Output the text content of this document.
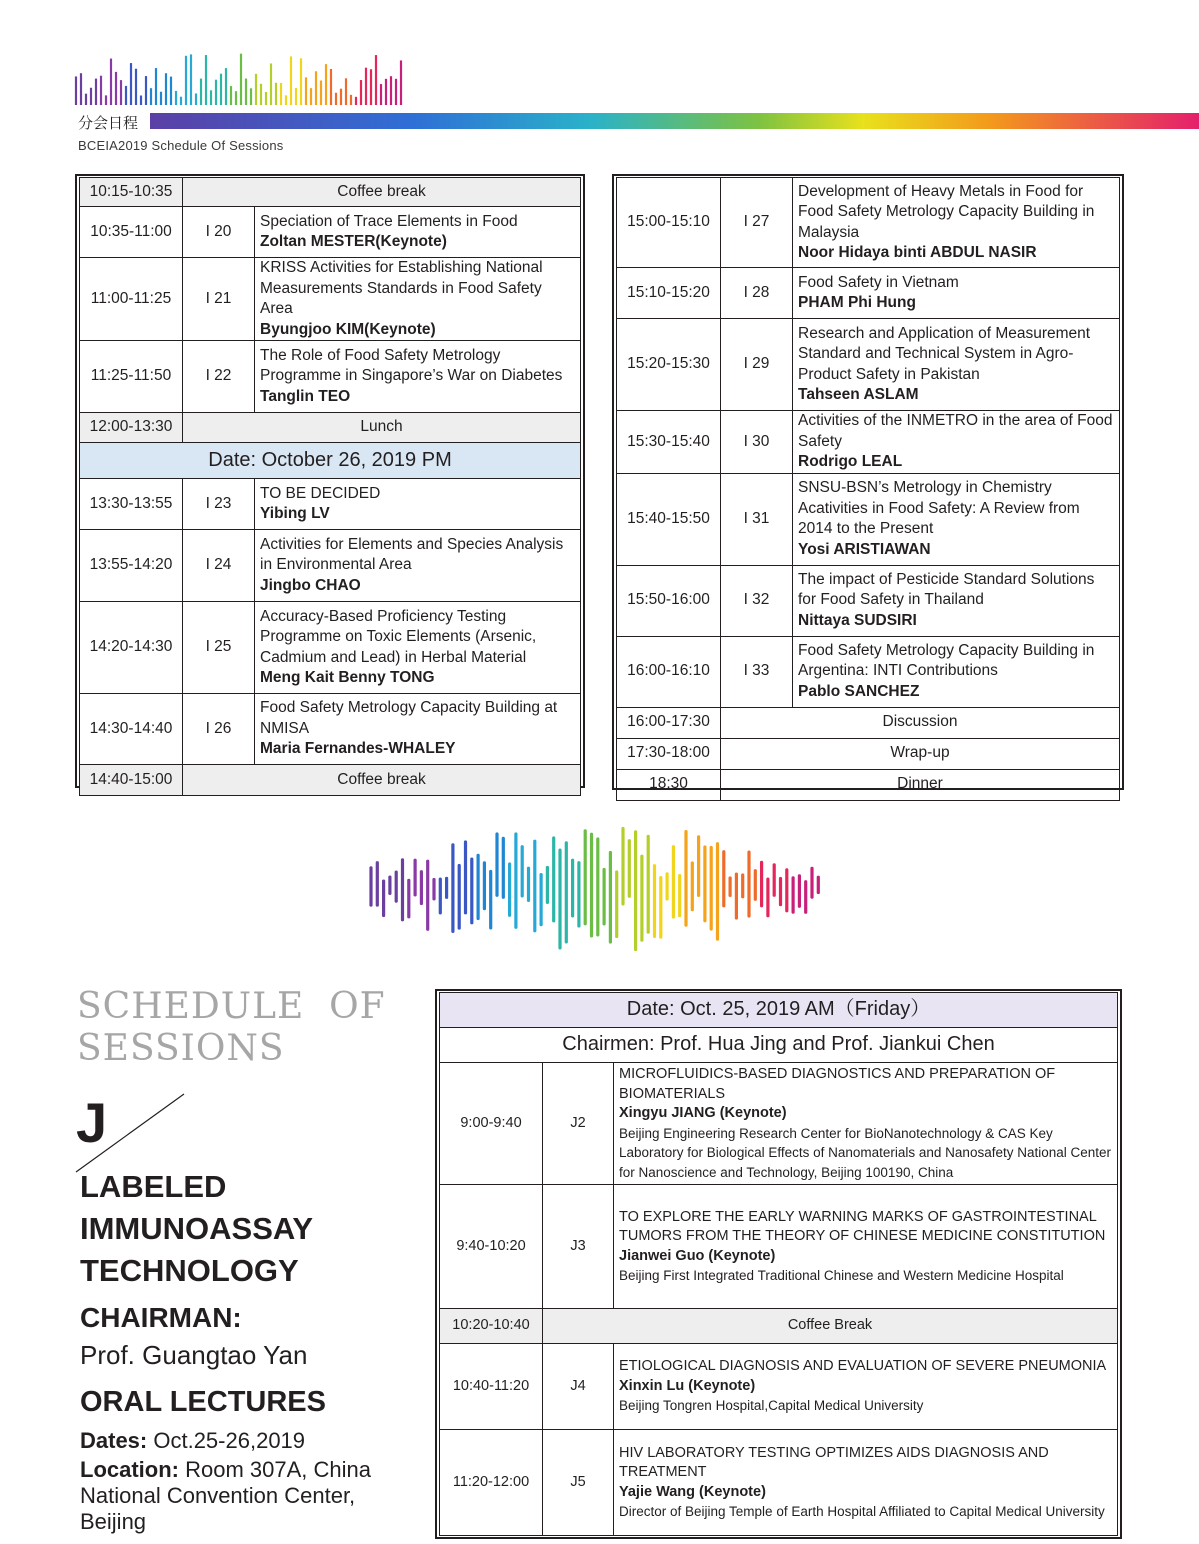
分会日程
BCEIA2019 Schedule Of Sessions
10:15-10:35	Coffee break	
10:35-11:00	I 20	Speciation of Trace Elements in Food
Zoltan MESTER(Keynote)

11:00-11:25	I 21	KRISS Activities for Establishing National Measurements Standards in Food Safety Area
Byungjoo KIM(Keynote)

11:25-11:50	I 22	The Role of Food Safety Metrology Programme in Singapore’s War on Diabetes
Tanglin TEO

12:00-13:30	Lunch	
Date: October 26, 2019 PM		
13:30-13:55	I 23	TO BE DECIDED
Yibing LV

13:55-14:20	I 24	Activities for Elements and Species Analysis in Environmental Area
Jingbo CHAO

14:20-14:30	I 25	Accuracy-Based Proficiency Testing Programme on Toxic Elements (Arsenic, Cadmium and Lead) in Herbal Material
Meng Kait Benny TONG

14:30-14:40	I 26	Food Safety Metrology Capacity Building at NMISA
Maria Fernandes-WHALEY

14:40-15:00	Coffee break	
15:00-15:10	I 27	Development of Heavy Metals in Food for Food Safety Metrology Capacity Building in Malaysia
Noor Hidaya binti ABDUL NASIR

15:10-15:20	I 28	Food Safety in Vietnam
PHAM Phi Hung

15:20-15:30	I 29	Research and Application of Measurement Standard and Technical System in Agro-Product Safety in Pakistan
Tahseen ASLAM

15:30-15:40	I 30	Activities of the INMETRO in the area of Food Safety
Rodrigo LEAL

15:40-15:50	I 31	SNSU-BSN’s Metrology in Chemistry Acativities in Food Safety: A Review from 2014 to the Present
Yosi ARISTIAWAN

15:50-16:00	I 32	The impact of Pesticide Standard Solutions for Food Safety in Thailand
Nittaya SUDSIRI

16:00-16:10	I 33	Food Safety Metrology Capacity Building in Argentina: INTI Contributions
Pablo SANCHEZ

16:00-17:30	Discussion	
17:30-18:00	Wrap-up	
18:30	Dinner	
SCHEDULE  OF
SESSIONS
J
LABELED
IMMUNOASSAY
TECHNOLOGY
CHAIRMAN:
Prof. Guangtao Yan
ORAL LECTURES
Dates: Oct.25-26,2019
Location: Room 307A, China National Convention Center, Beijing
Date: Oct. 25, 2019 AM（Friday）		
Chairmen: Prof. Hua Jing and Prof. Jiankui Chen		
9:00-9:40	J2	MICROFLUIDICS-BASED DIAGNOSTICS AND PREPARATION OF BIOMATERIALS
Xingyu JIANG (Keynote)
Beijing Engineering Research Center for BioNanotechnology & CAS Key Laboratory for Biological Effects of Nanomaterials and Nanosafety National Center for Nanoscience and Technology, Beijing 100190, China

9:40-10:20	J3	TO EXPLORE THE EARLY WARNING MARKS OF GASTROINTESTINAL TUMORS FROM THE THEORY OF CHINESE MEDICINE CONSTITUTION
Jianwei Guo (Keynote)
Beijing First Integrated Traditional Chinese and Western Medicine Hospital

10:20-10:40	Coffee Break	
10:40-11:20	J4	ETIOLOGICAL DIAGNOSIS AND EVALUATION OF SEVERE PNEUMONIA
Xinxin Lu (Keynote)
Beijing Tongren Hospital,Capital Medical University

11:20-12:00	J5	HIV LABORATORY TESTING OPTIMIZES AIDS DIAGNOSIS AND TREATMENT
Yajie Wang (Keynote)
Director of Beijing Temple of Earth Hospital Affiliated to Capital Medical University
